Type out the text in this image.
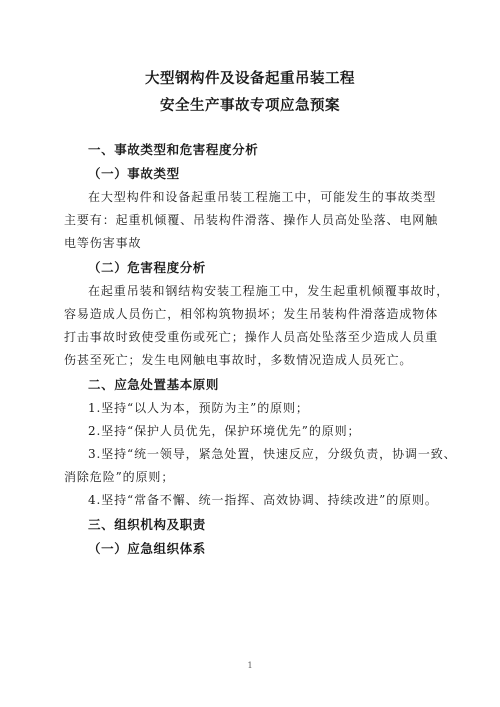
大型钢构件及设备起重吊装工程
安全生产事故专项应急预案
一、事故类型和危害程度分析
（一）事故类型
在大型构件和设备起重吊装工程施工中，可能发生的事故类型
主要有：起重机倾覆、吊装构件滑落、操作人员高处坠落、电网触
电等伤害事故
（二）危害程度分析
在起重吊装和钢结构安装工程施工中，发生起重机倾覆事故时，
容易造成人员伤亡，相邻构筑物损坏；发生吊装构件滑落造成物体
打击事故时致使受重伤或死亡；操作人员高处坠落至少造成人员重
伤甚至死亡；发生电网触电事故时，多数情况造成人员死亡。
二、应急处置基本原则
1.坚持“以人为本，预防为主”的原则；
2.坚持“保护人员优先，保护环境优先”的原则；
3.坚持“统一领导，紧急处置，快速反应，分级负责，协调一致、
消除危险”的原则；
4.坚持“常备不懈、统一指挥、高效协调、持续改进”的原则。
三、组织机构及职责
（一）应急组织体系
1
